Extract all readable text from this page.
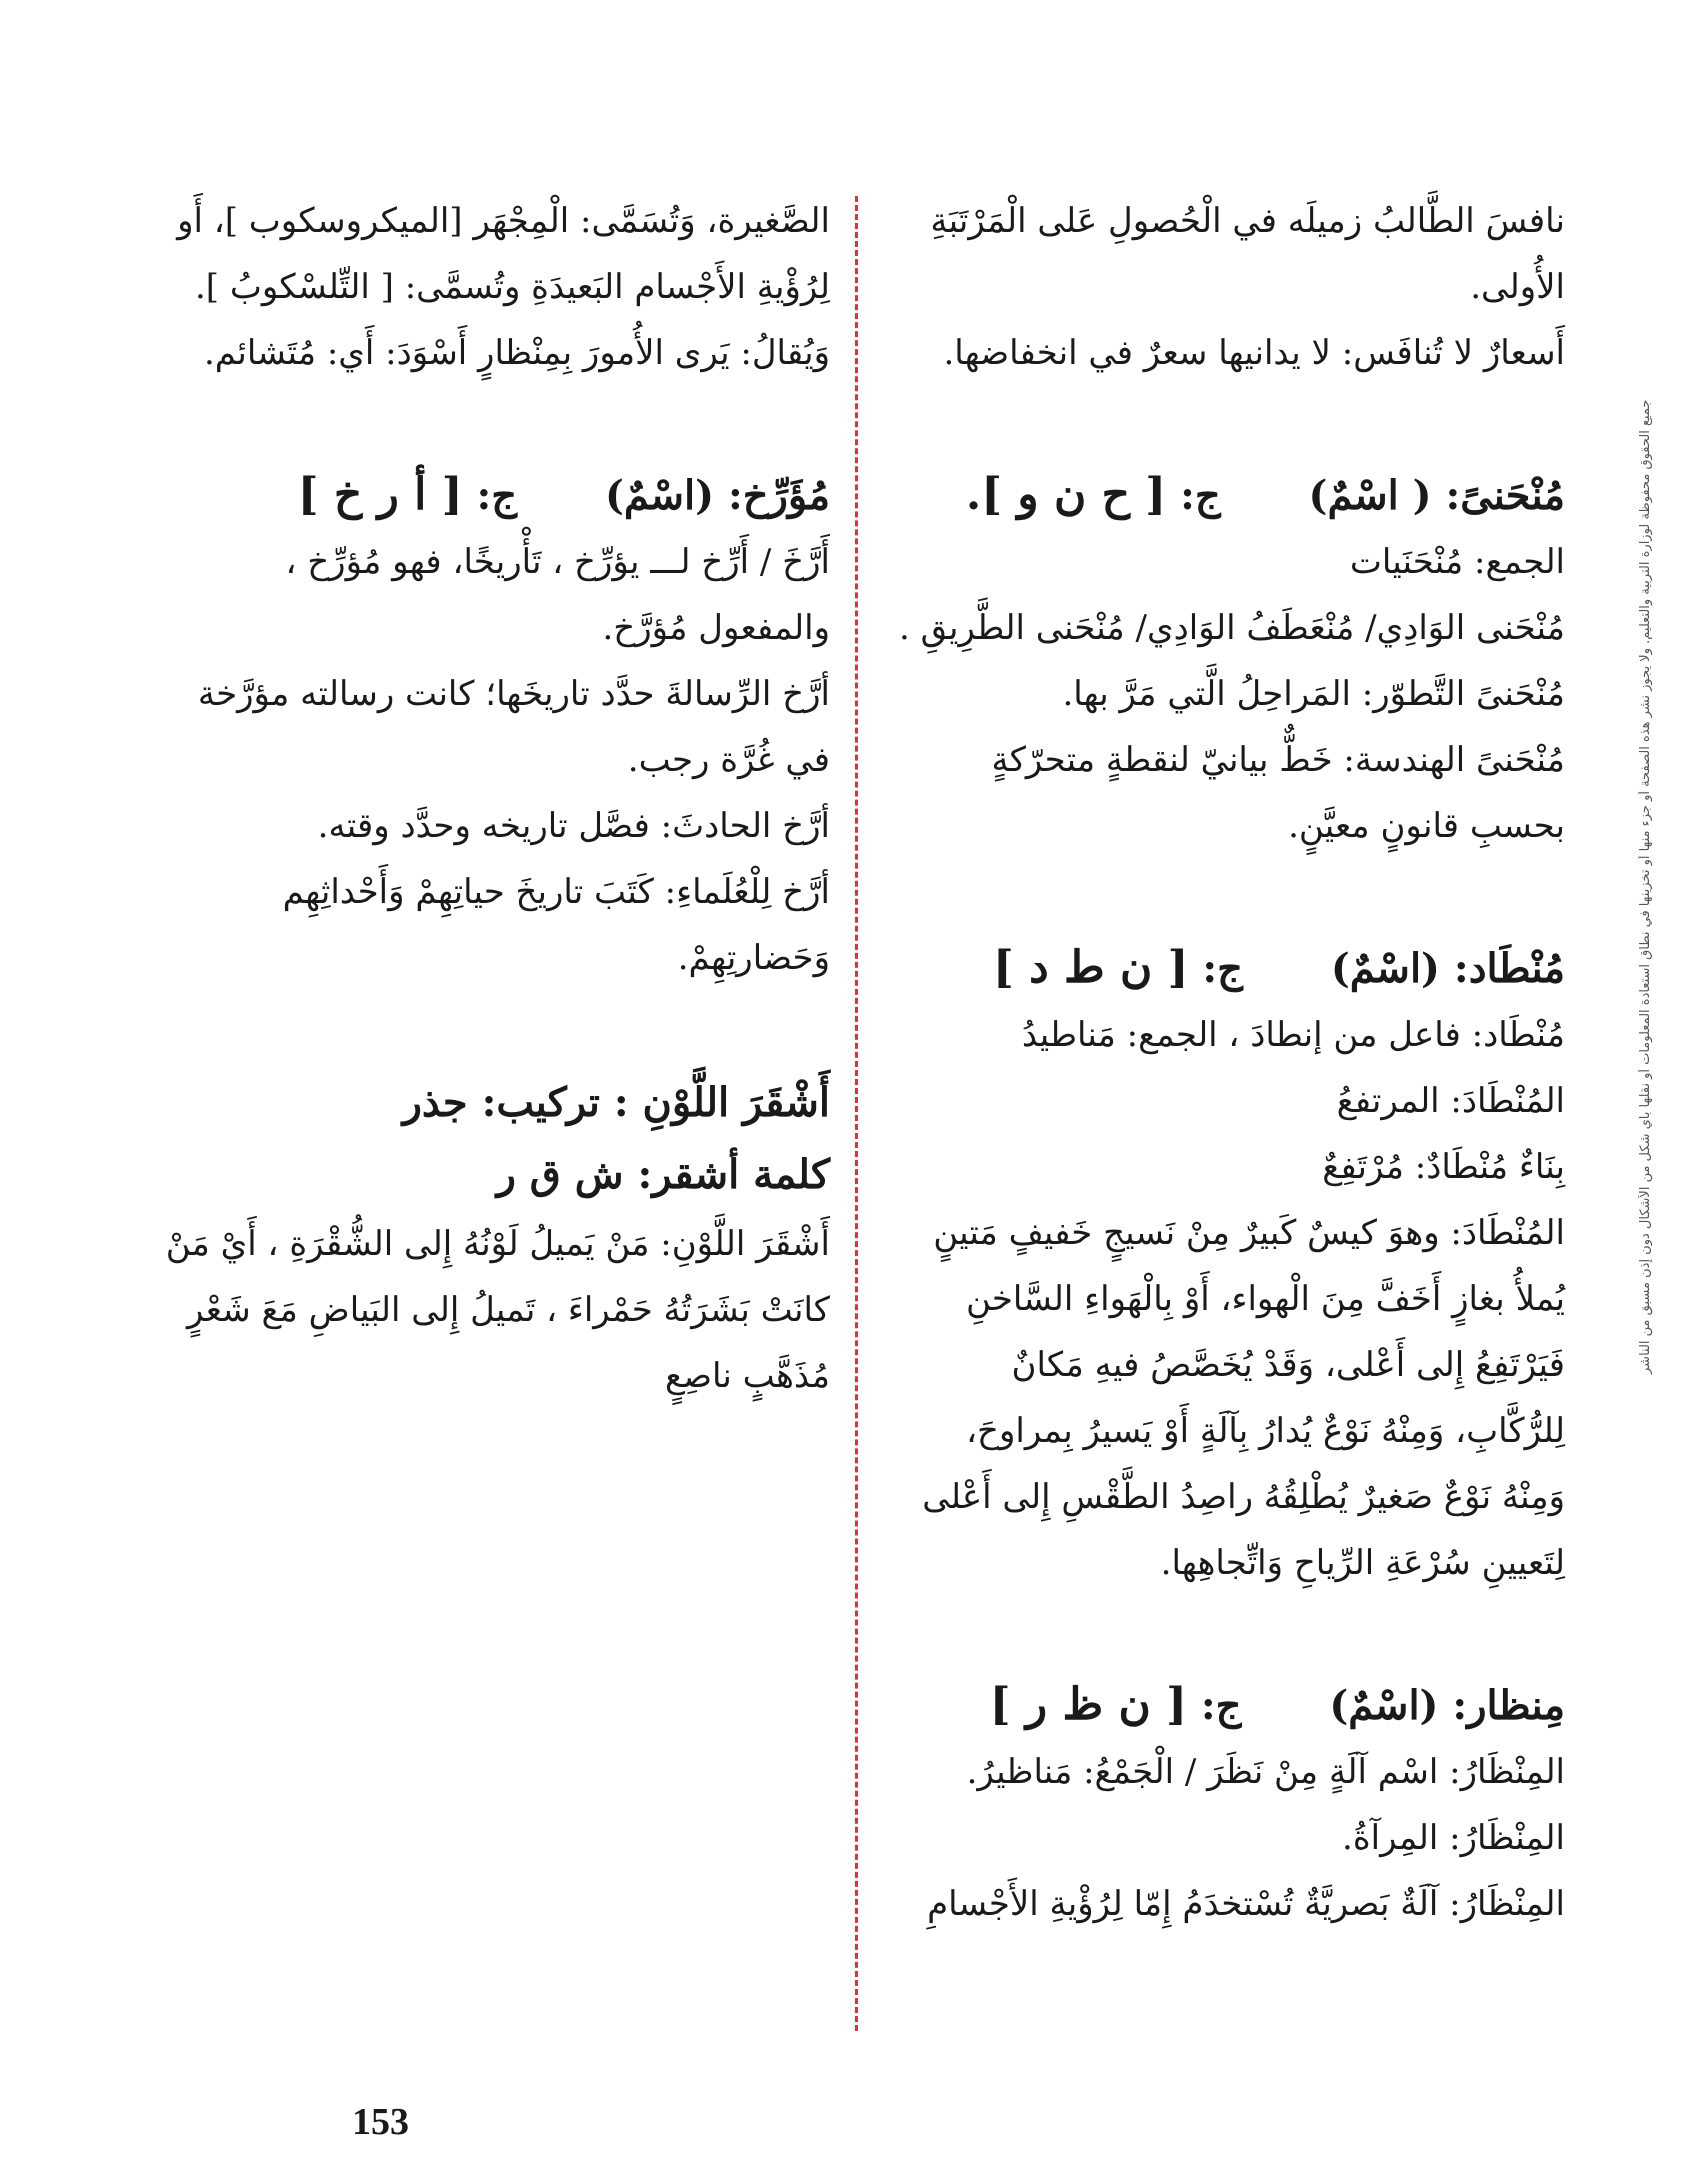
نافسَ الطَّالبُ زميلَه في الْحُصولِ عَلى الْمَرْتَبَةِ
الأُولى.
أَسعارٌ لا تُنافَس: لا يدانيها سعرٌ في انخفاضها.
مُنْحَنىً: ( اسْمٌ)  ج: [ ح ن و ].
الجمع: مُنْحَنَيات
مُنْحَنى الوَادِي/ مُنْعَطَفُ الوَادِي/ مُنْحَنى الطَّرِيقِ .
مُنْحَنىً التَّطوّر: المَراحِلُ الَّتي مَرَّ بها.
مُنْحَنىً الهندسة: خَطٌّ بيانيّ لنقطةٍ متحرّكةٍ
بحسبِ قانونٍ معيَّنٍ.
مُنْطَاد: (اسْمٌ)  ج: [ ن ط د ]
مُنْطَاد: فاعل من إنطادَ ، الجمع: مَناطيدُ
المُنْطَادَ: المرتفعُ
بِنَاءٌ مُنْطَادٌ: مُرْتَفِعٌ
المُنْطَادَ: وهوَ كيسٌ كَبيرٌ مِنْ نَسيجٍ خَفيفٍ مَتينٍ
يُملأُ بغازٍ أَخَفَّ مِنَ الْهواء، أَوْ بِالْهَواءِ السَّاخنِ
فَيَرْتَفِعُ إِلى أَعْلى، وَقَدْ يُخَصَّصُ فيهِ مَكانٌ
لِلرُّكَّابِ، وَمِنْهُ نَوْعٌ يُدارُ بِآلَةٍ أَوْ يَسيرُ بِمراوحَ،
وَمِنْهُ نَوْعٌ صَغيرٌ يُطْلِقُهُ راصِدُ الطَّقْسِ إِلى أَعْلى
لِتَعيينِ سُرْعَةِ الرِّياحِ وَاتِّجاهِها.
مِنظار: (اسْمٌ)  ج: [ ن ظ ر ]
المِنْظَارُ: اسْم آلَةٍ مِنْ نَظَرَ / الْجَمْعُ: مَناظيرُ.
المِنْظَارُ: المِرآةُ.
المِنْظَارُ: آلَةٌ بَصريَّةٌ تُسْتخدَمُ إِمّا لِرُؤْيةِ الأَجْسامِ
الصَّغيرة، وَتُسَمَّى: الْمِجْهَر [الميكروسكوب ]، أَو
لِرُؤْيةِ الأَجْسام البَعيدَةِ وتُسمَّى: [ التِّلسْكوبُ ].
وَيُقالُ: يَرى الأُمورَ بِمِنْظارٍ أَسْوَدَ: أَي: مُتَشائم.
مُؤَرِّخ: (اسْمٌ)  ج: [ أ ر خ ]
أَرَّخَ / أَرِّخ لـــ يؤرِّخ ، تَأْريخًا، فهو مُؤرِّخ ،
والمفعول مُؤرَّخ.
أرَّخ الرِّسالةَ حدَّد تاريخَها؛ كانت رسالته مؤرَّخة
في غُرَّة رجب.
أرَّخ الحادثَ: فصَّل تاريخه وحدَّد وقته.
أرَّخ لِلْعُلَماءِ: كَتَبَ تاريخَ حياتِهِمْ وَأَحْداثِهِم
وَحَضارتِهِمْ.
أَشْقَرَ اللَّوْنِ : تركيب: جذر
كلمة أشقر: ش ق ر
أَشْقَرَ اللَّوْنِ: مَنْ يَميلُ لَوْنُهُ إِلى الشُّقْرَةِ ، أَيْ مَنْ
كانَتْ بَشَرَتُهُ حَمْراءَ ، تَميلُ إِلى البَياضِ مَعَ شَعْرٍ
مُذَهَّبٍ ناصِعٍ
جميع الحقوق محفوظة لوزارة التربية والتعليم. ولا يجوز نشر هذه الصفحة أو جزء منها أو تخزينها في نطاق استعادة المعلومات أو نقلها بأي شكل من الأشكال دون إذن مسبق من الناشر
153
